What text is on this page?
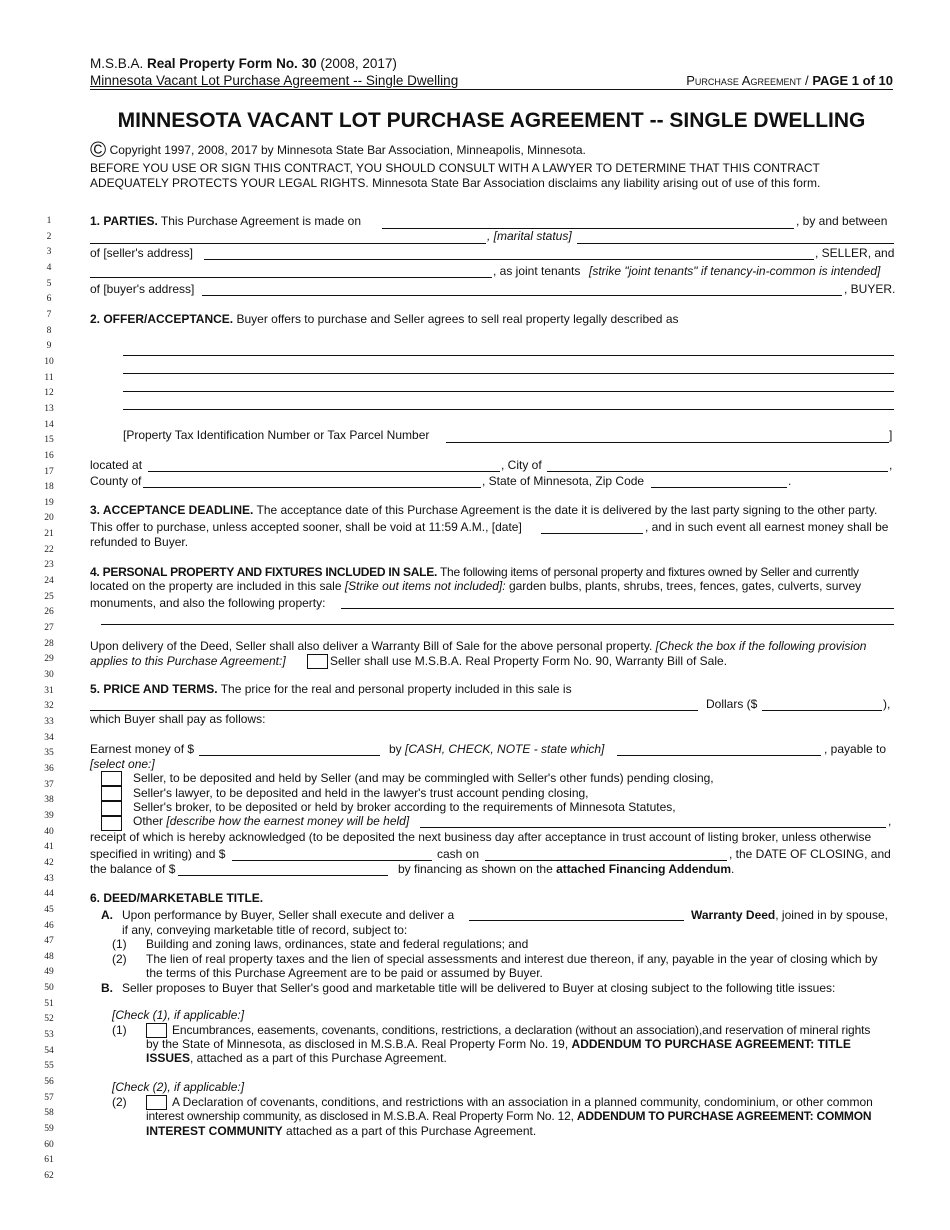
M.S.B.A. Real Property Form No. 30 (2008, 2017)
Minnesota Vacant Lot Purchase Agreement -- Single Dwelling	Purchase Agreement / PAGE 1 of 10
MINNESOTA VACANT LOT PURCHASE AGREEMENT -- SINGLE DWELLING
© Copyright 1997, 2008, 2017 by Minnesota State Bar Association, Minneapolis, Minnesota.
BEFORE YOU USE OR SIGN THIS CONTRACT, YOU SHOULD CONSULT WITH A LAWYER TO DETERMINE THAT THIS CONTRACT
ADEQUATELY PROTECTS YOUR LEGAL RIGHTS. Minnesota State Bar Association disclaims any liability arising out of use of this form.
1
2
3
4
5
6
7
8
9
10
11
12
13
14
15
16
17
18
19
20
21
22
23
24
25
26
27
28
29
30
31
32
33
34
35
36
37
38
39
40
41
42
43
44
45
46
47
48
49
50
51
52
53
54
55
56
57
58
59
60
61
62
1. PARTIES. This Purchase Agreement is made on	, by and between
, [marital status]
of [seller's address]	, SELLER, and
, as joint tenants [strike "joint tenants" if tenancy-in-common is intended]
of [buyer's address]	, BUYER.
2. OFFER/ACCEPTANCE. Buyer offers to purchase and Seller agrees to sell real property legally described as
[Property Tax Identification Number or Tax Parcel Number	]
located at	, City of	,
County of	, State of Minnesota, Zip Code	.
3. ACCEPTANCE DEADLINE. The acceptance date of this Purchase Agreement is the date it is delivered by the last party signing to the other party.
This offer to purchase, unless accepted sooner, shall be void at 11:59 A.M., [date]	, and in such event all earnest money shall be
refunded to Buyer.
4. PERSONAL PROPERTY AND FIXTURES INCLUDED IN SALE. The following items of personal property and fixtures owned by Seller and currently
located on the property are included in this sale [Strike out items not included]: garden bulbs, plants, shrubs, trees, fences, gates, culverts, survey
monuments, and also the following property:
Upon delivery of the Deed, Seller shall also deliver a Warranty Bill of Sale for the above personal property. [Check the box if the following provision
applies to this Purchase Agreement:]	Seller shall use M.S.B.A. Real Property Form No. 90, Warranty Bill of Sale.
5. PRICE AND TERMS. The price for the real and personal property included in this sale is
Dollars ($	),
which Buyer shall pay as follows:
Earnest money of $	by [CASH, CHECK, NOTE - state which]	, payable to
[select one:]
Seller, to be deposited and held by Seller (and may be commingled with Seller's other funds) pending closing,
Seller's lawyer, to be deposited and held in the lawyer's trust account pending closing,
Seller's broker, to be deposited or held by broker according to the requirements of Minnesota Statutes,
Other [describe how the earnest money will be held]	,
receipt of which is hereby acknowledged (to be deposited the next business day after acceptance in trust account of listing broker, unless otherwise
specified in writing) and $	cash on	, the DATE OF CLOSING, and
the balance of $	by financing as shown on the attached Financing Addendum.
6. DEED/MARKETABLE TITLE.
A. Upon performance by Buyer, Seller shall execute and deliver a	Warranty Deed, joined in by spouse,
if any, conveying marketable title of record, subject to:
(1) Building and zoning laws, ordinances, state and federal regulations; and
(2) The lien of real property taxes and the lien of special assessments and interest due thereon, if any, payable in the year of closing which by
the terms of this Purchase Agreement are to be paid or assumed by Buyer.
B. Seller proposes to Buyer that Seller's good and marketable title will be delivered to Buyer at closing subject to the following title issues:
[Check (1), if applicable:]
(1)	Encumbrances, easements, covenants, conditions, restrictions, a declaration (without an association),and reservation of mineral rights
by the State of Minnesota, as disclosed in M.S.B.A. Real Property Form No. 19, ADDENDUM TO PURCHASE AGREEMENT: TITLE
ISSUES, attached as a part of this Purchase Agreement.
[Check (2), if applicable:]
(2)	A Declaration of covenants, conditions, and restrictions with an association in a planned community, condominium, or other common
interest ownership community, as disclosed in M.S.B.A. Real Property Form No. 12, ADDENDUM TO PURCHASE AGREEMENT: COMMON
INTEREST COMMUNITY attached as a part of this Purchase Agreement.
